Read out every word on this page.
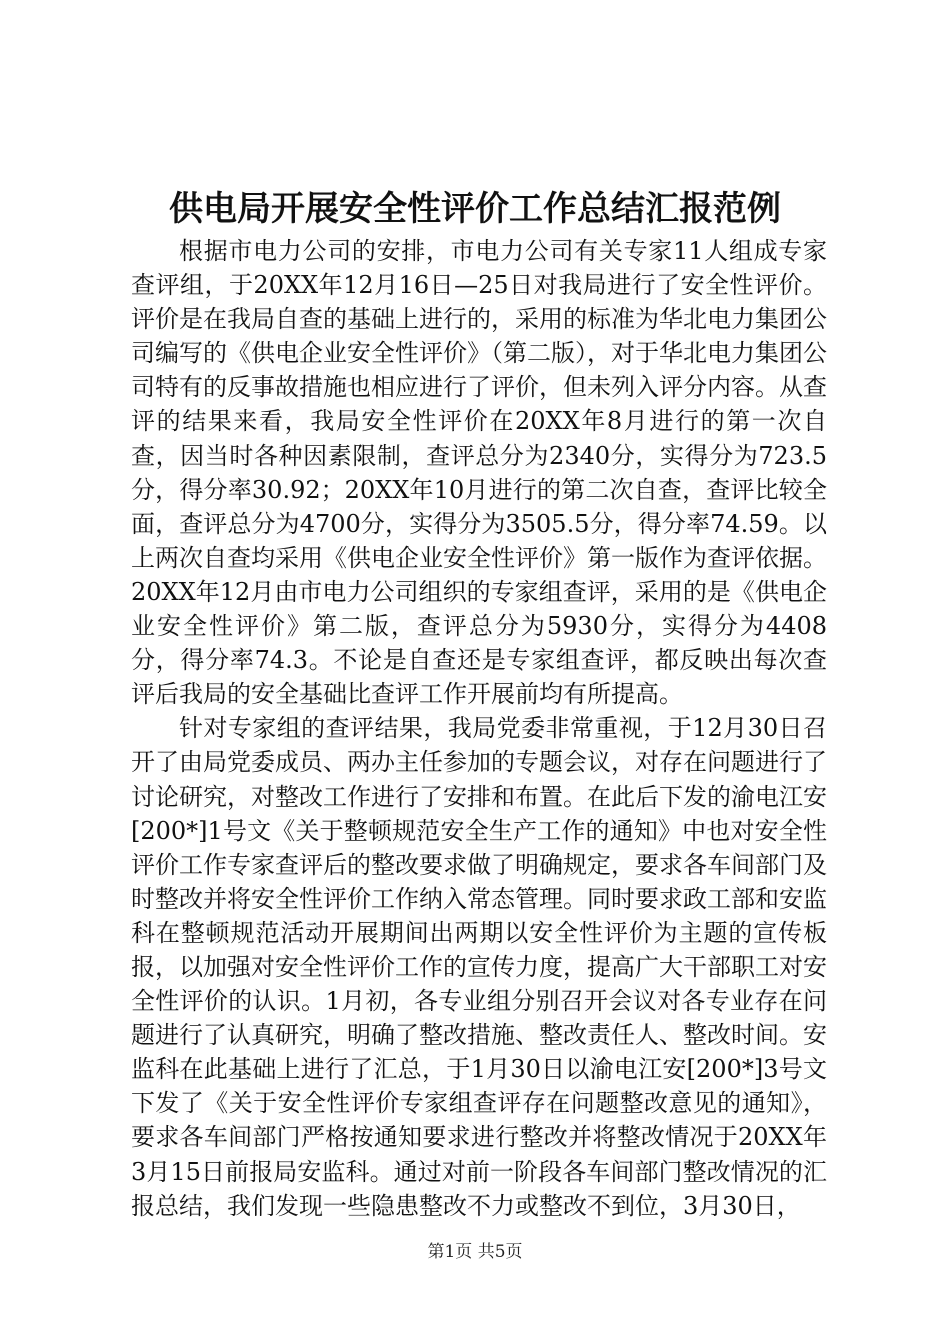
供电局开展安全性评价工作总结汇报范例

根据市电力公司的安排，市电力公司有关专家11人组成专家查评组，于20XX年12月16日—25日对我局进行了安全性评价。评价是在我局自查的基础上进行的，采用的标准为华北电力集团公司编写的《供电企业安全性评价》（第二版），对于华北电力集团公司特有的反事故措施也相应进行了评价，但未列入评分内容。从查评的结果来看，我局安全性评价在20XX年8月进行的第一次自查，因当时各种因素限制，查评总分为2340分，实得分为723.5分，得分率30.92；20XX年10月进行的第二次自查，查评比较全面，查评总分为4700分，实得分为3505.5分，得分率74.59。以上两次自查均采用《供电企业安全性评价》第一版作为查评依据。20XX年12月由市电力公司组织的专家组查评，采用的是《供电企业安全性评价》第二版，查评总分为5930分，实得分为4408分，得分率74.3。不论是自查还是专家组查评，都反映出每次查评后我局的安全基础比查评工作开展前均有所提高。

针对专家组的查评结果，我局党委非常重视，于12月30日召开了由局党委成员、两办主任参加的专题会议，对存在问题进行了讨论研究，对整改工作进行了安排和布置。在此后下发的渝电江安[200*]1号文《关于整顿规范安全生产工作的通知》中也对安全性评价工作专家查评后的整改要求做了明确规定，要求各车间部门及时整改并将安全性评价工作纳入常态管理。同时要求政工部和安监科在整顿规范活动开展期间出两期以安全性评价为主题的宣传板报，以加强对安全性评价工作的宣传力度，提高广大干部职工对安全性评价的认识。1月初，各专业组分别召开会议对各专业存在问题进行了认真研究，明确了整改措施、整改责任人、整改时间。安监科在此基础上进行了汇总，于1月30日以渝电江安[200*]3号文下发了《关于安全性评价专家组查评存在问题整改意见的通知》，要求各车间部门严格按通知要求进行整改并将整改情况于20XX年3月15日前报局安监科。通过对前一阶段各车间部门整改情况的汇报总结，我们发现一些隐患整改不力或整改不到位，3月30日，

第1页 共5页
